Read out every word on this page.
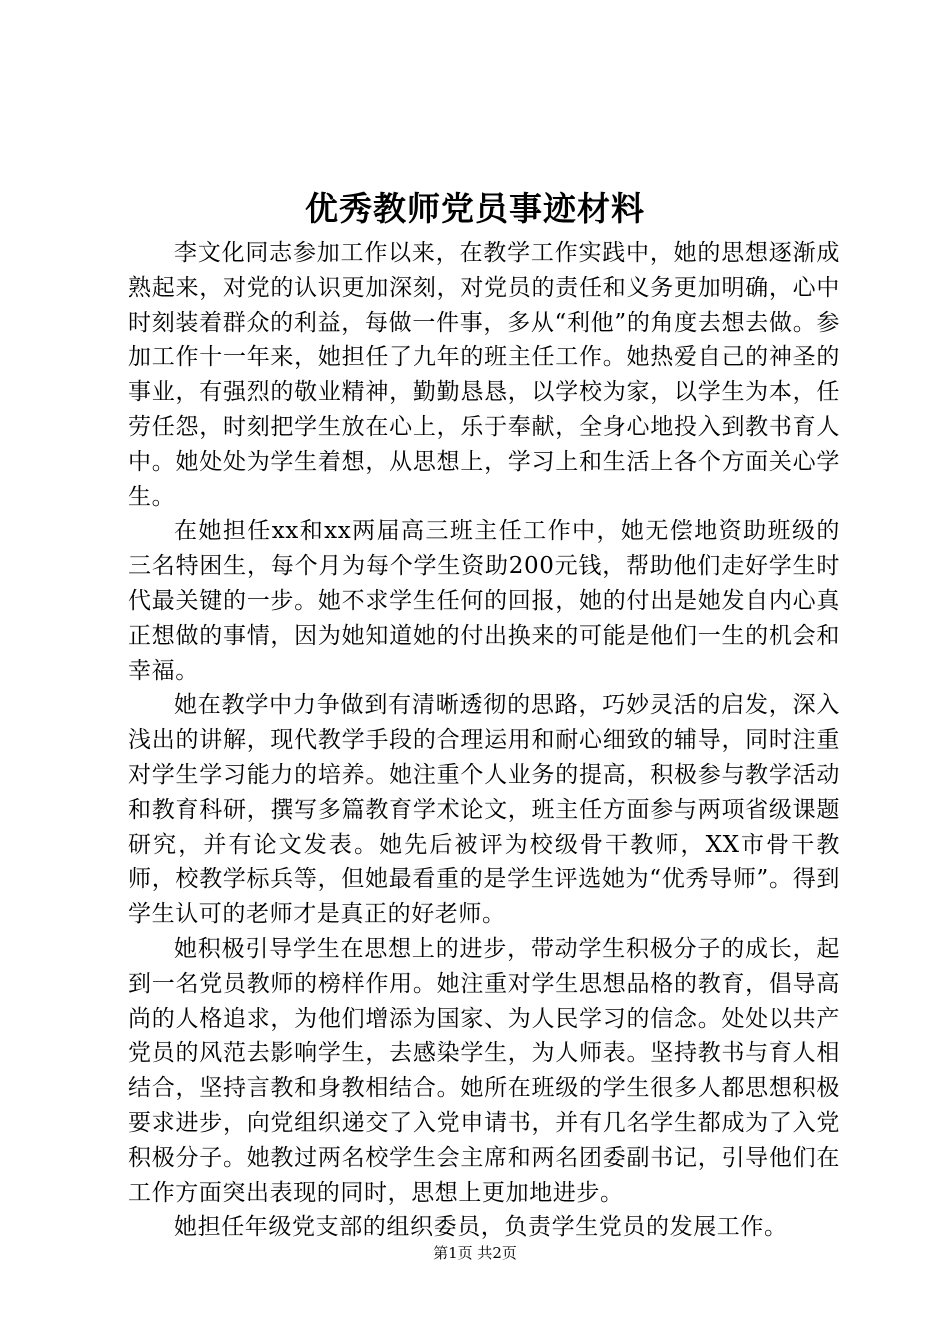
优秀教师党员事迹材料

李文化同志参加工作以来，在教学工作实践中，她的思想逐渐成熟起来，对党的认识更加深刻，对党员的责任和义务更加明确，心中时刻装着群众的利益，每做一件事，多从“利他”的角度去想去做。参加工作十一年来，她担任了九年的班主任工作。她热爱自己的神圣的事业，有强烈的敬业精神，勤勤恳恳，以学校为家，以学生为本，任劳任怨，时刻把学生放在心上，乐于奉献，全身心地投入到教书育人中。她处处为学生着想，从思想上，学习上和生活上各个方面关心学生。

在她担任xx和xx两届高三班主任工作中，她无偿地资助班级的三名特困生，每个月为每个学生资助200元钱，帮助他们走好学生时代最关键的一步。她不求学生任何的回报，她的付出是她发自内心真正想做的事情，因为她知道她的付出换来的可能是他们一生的机会和幸福。

她在教学中力争做到有清晰透彻的思路，巧妙灵活的启发，深入浅出的讲解，现代教学手段的合理运用和耐心细致的辅导，同时注重对学生学习能力的培养。她注重个人业务的提高，积极参与教学活动和教育科研，撰写多篇教育学术论文，班主任方面参与两项省级课题研究，并有论文发表。她先后被评为校级骨干教师，XX市骨干教师，校教学标兵等，但她最看重的是学生评选她为“优秀导师”。得到学生认可的老师才是真正的好老师。

她积极引导学生在思想上的进步，带动学生积极分子的成长，起到一名党员教师的榜样作用。她注重对学生思想品格的教育，倡导高尚的人格追求，为他们增添为国家、为人民学习的信念。处处以共产党员的风范去影响学生，去感染学生，为人师表。坚持教书与育人相结合，坚持言教和身教相结合。她所在班级的学生很多人都思想积极要求进步，向党组织递交了入党申请书，并有几名学生都成为了入党积极分子。她教过两名校学生会主席和两名团委副书记，引导他们在工作方面突出表现的同时，思想上更加地进步。

她担任年级党支部的组织委员，负责学生党员的发展工作。

第1页 共2页
